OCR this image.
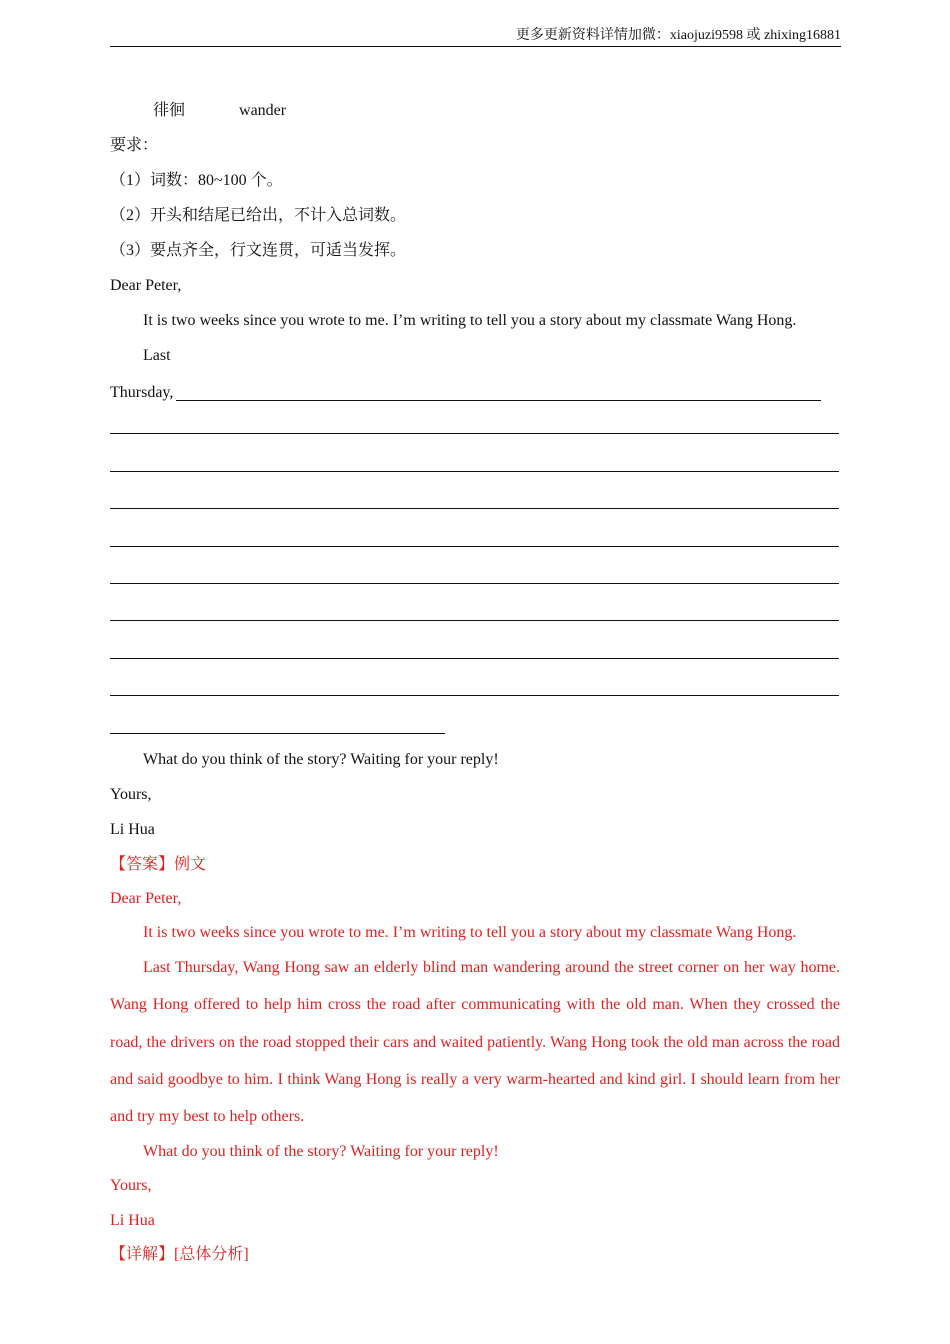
更多更新资料详情加微：xiaojuzi9598 或 zhixing16881
徘徊	wander
要求：
（1）词数：80~100 个。
（2）开头和结尾已给出，不计入总词数。
（3）要点齐全，行文连贯，可适当发挥。
Dear Peter,
It is two weeks since you wrote to me. I’m writing to tell you a story about my classmate Wang Hong.
Last
Thursday,
What do you think of the story? Waiting for your reply!
Yours,
Li Hua
【答案】例文
Dear Peter,
It is two weeks since you wrote to me. I’m writing to tell you a story about my classmate Wang Hong.
Last Thursday, Wang Hong saw an elderly blind man wandering around the street corner on her way home. Wang Hong offered to help him cross the road after communicating with the old man. When they crossed the road, the drivers on the road stopped their cars and waited patiently. Wang Hong took the old man across the road and said goodbye to him. I think Wang Hong is really a very warm-hearted and kind girl. I should learn from her and try my best to help others.
What do you think of the story? Waiting for your reply!
Yours,
Li Hua
【详解】[总体分析]
